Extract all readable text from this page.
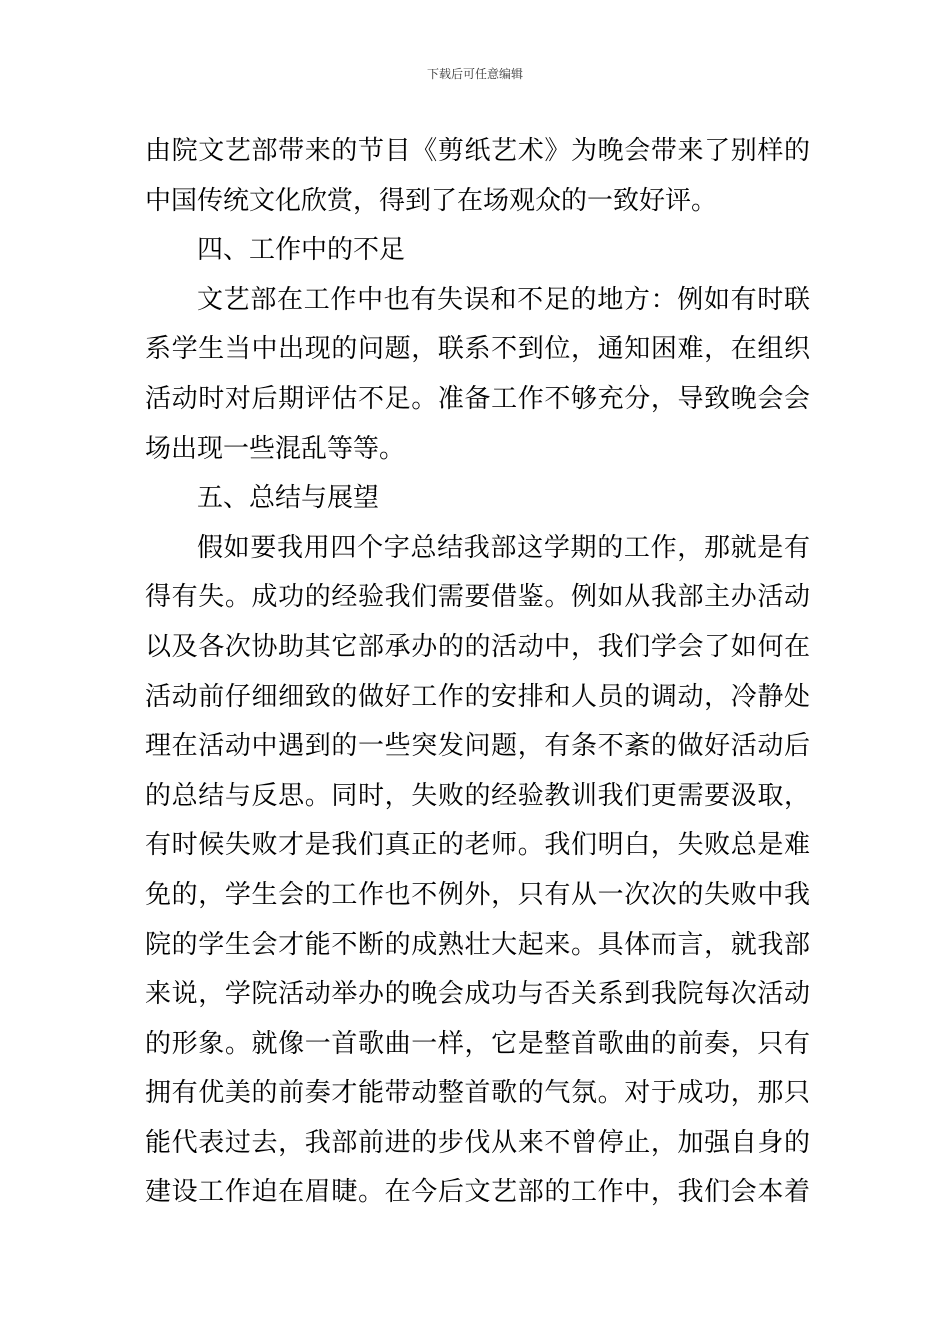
下载后可任意编辑
由院文艺部带来的节目《剪纸艺术》为晚会带来了别样的
中国传统文化欣赏，得到了在场观众的一致好评。
四、工作中的不足
文艺部在工作中也有失误和不足的地方：例如有时联
系学生当中出现的问题，联系不到位，通知困难，在组织
活动时对后期评估不足。准备工作不够充分，导致晚会会
场出现一些混乱等等。
五、总结与展望
假如要我用四个字总结我部这学期的工作，那就是有
得有失。成功的经验我们需要借鉴。例如从我部主办活动
以及各次协助其它部承办的的活动中，我们学会了如何在
活动前仔细细致的做好工作的安排和人员的调动，冷静处
理在活动中遇到的一些突发问题，有条不紊的做好活动后
的总结与反思。同时，失败的经验教训我们更需要汲取，
有时候失败才是我们真正的老师。我们明白，失败总是难
免的，学生会的工作也不例外，只有从一次次的失败中我
院的学生会才能不断的成熟壮大起来。具体而言，就我部
来说，学院活动举办的晚会成功与否关系到我院每次活动
的形象。就像一首歌曲一样，它是整首歌曲的前奏，只有
拥有优美的前奏才能带动整首歌的气氛。对于成功，那只
能代表过去，我部前进的步伐从来不曾停止，加强自身的
建设工作迫在眉睫。在今后文艺部的工作中，我们会本着
